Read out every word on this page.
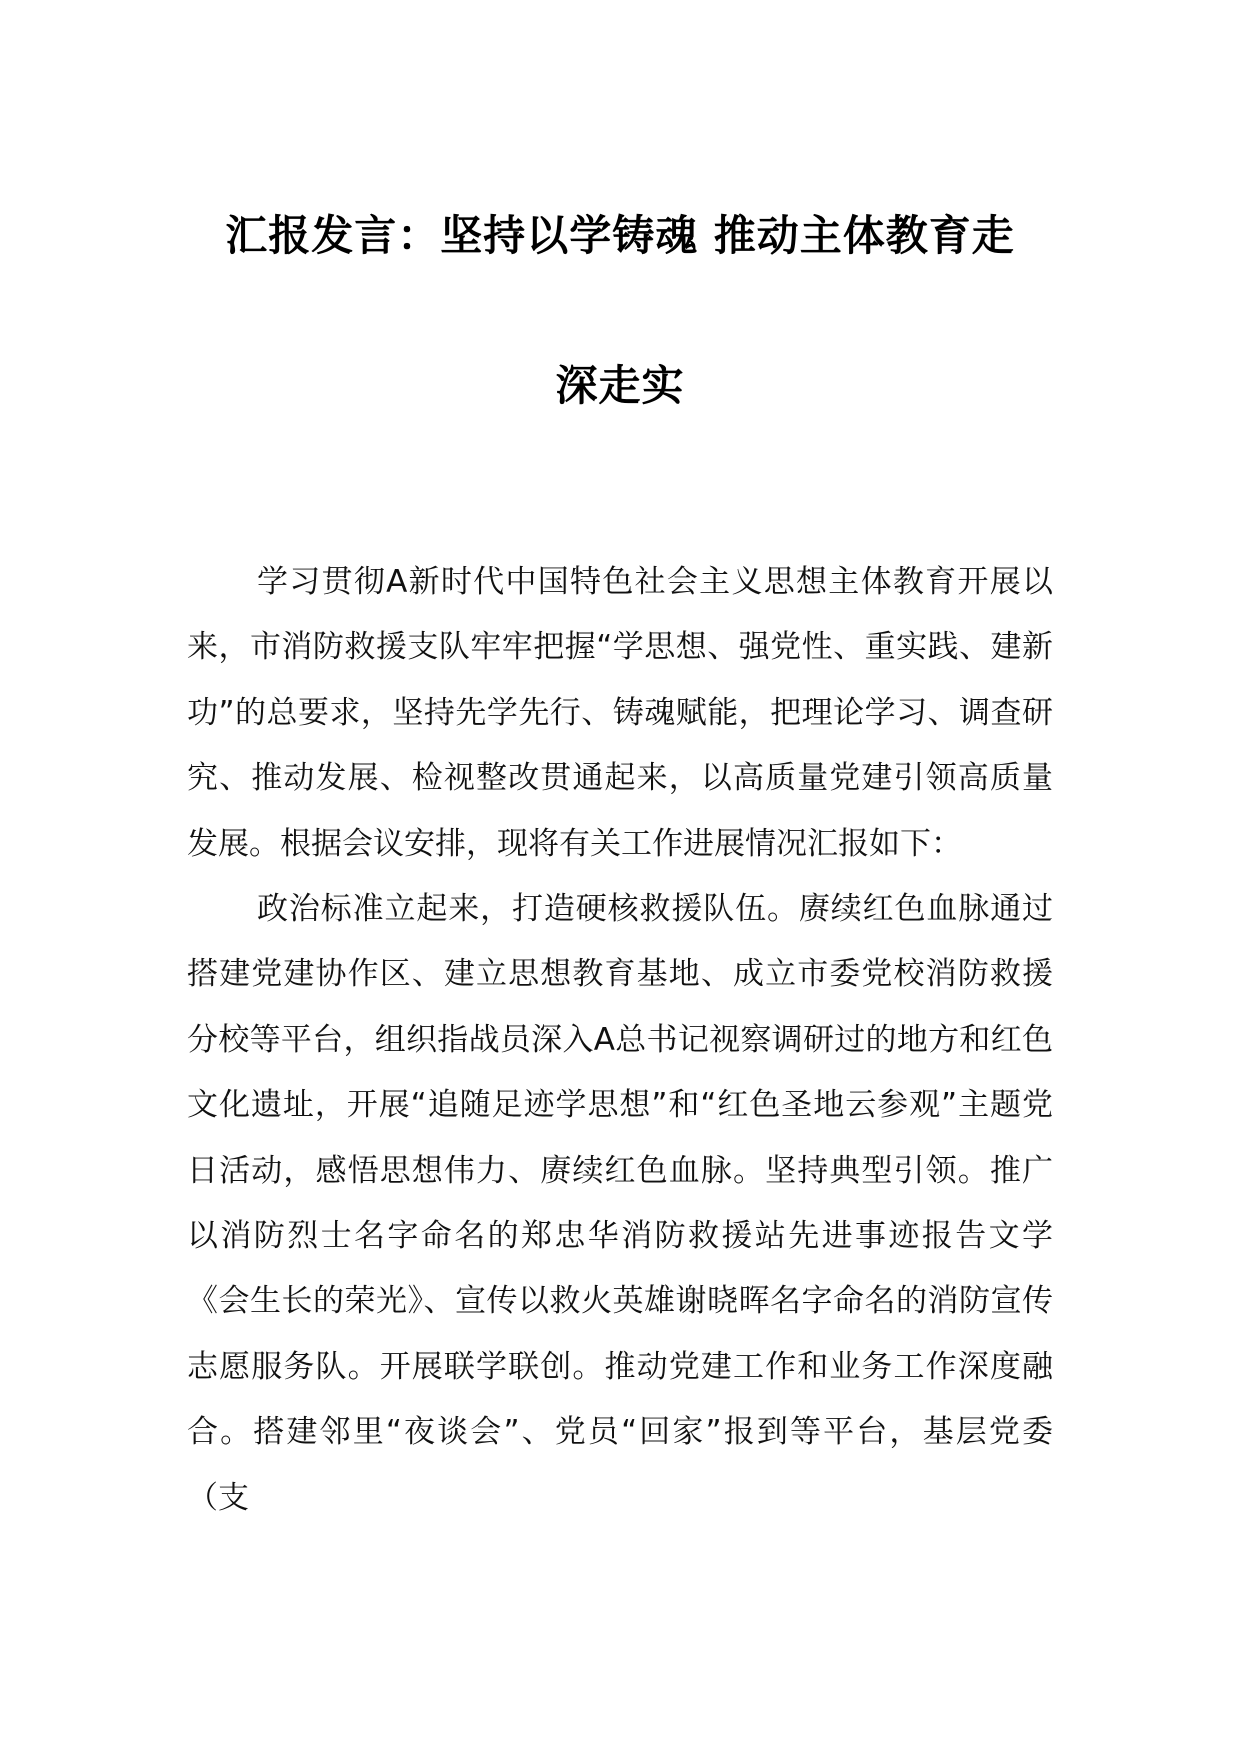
汇报发言：坚持以学铸魂 推动主体教育走
深走实

学习贯彻A新时代中国特色社会主义思想主体教育开展以来，市消防救援支队牢牢把握“学思想、强党性、重实践、建新功”的总要求，坚持先学先行、铸魂赋能，把理论学习、调查研究、推动发展、检视整改贯通起来，以高质量党建引领高质量发展。根据会议安排，现将有关工作进展情况汇报如下：

政治标准立起来，打造硬核救援队伍。赓续红色血脉通过搭建党建协作区、建立思想教育基地、成立市委党校消防救援分校等平台，组织指战员深入A总书记视察调研过的地方和红色文化遗址，开展“追随足迹学思想”和“红色圣地云参观”主题党日活动，感悟思想伟力、赓续红色血脉。坚持典型引领。推广以消防烈士名字命名的郑忠华消防救援站先进事迹报告文学《会生长的荣光》、宣传以救火英雄谢晓晖名字命名的消防宣传志愿服务队。开展联学联创。推动党建工作和业务工作深度融合。搭建邻里“夜谈会”、党员“回家”报到等平台，基层党委（支
